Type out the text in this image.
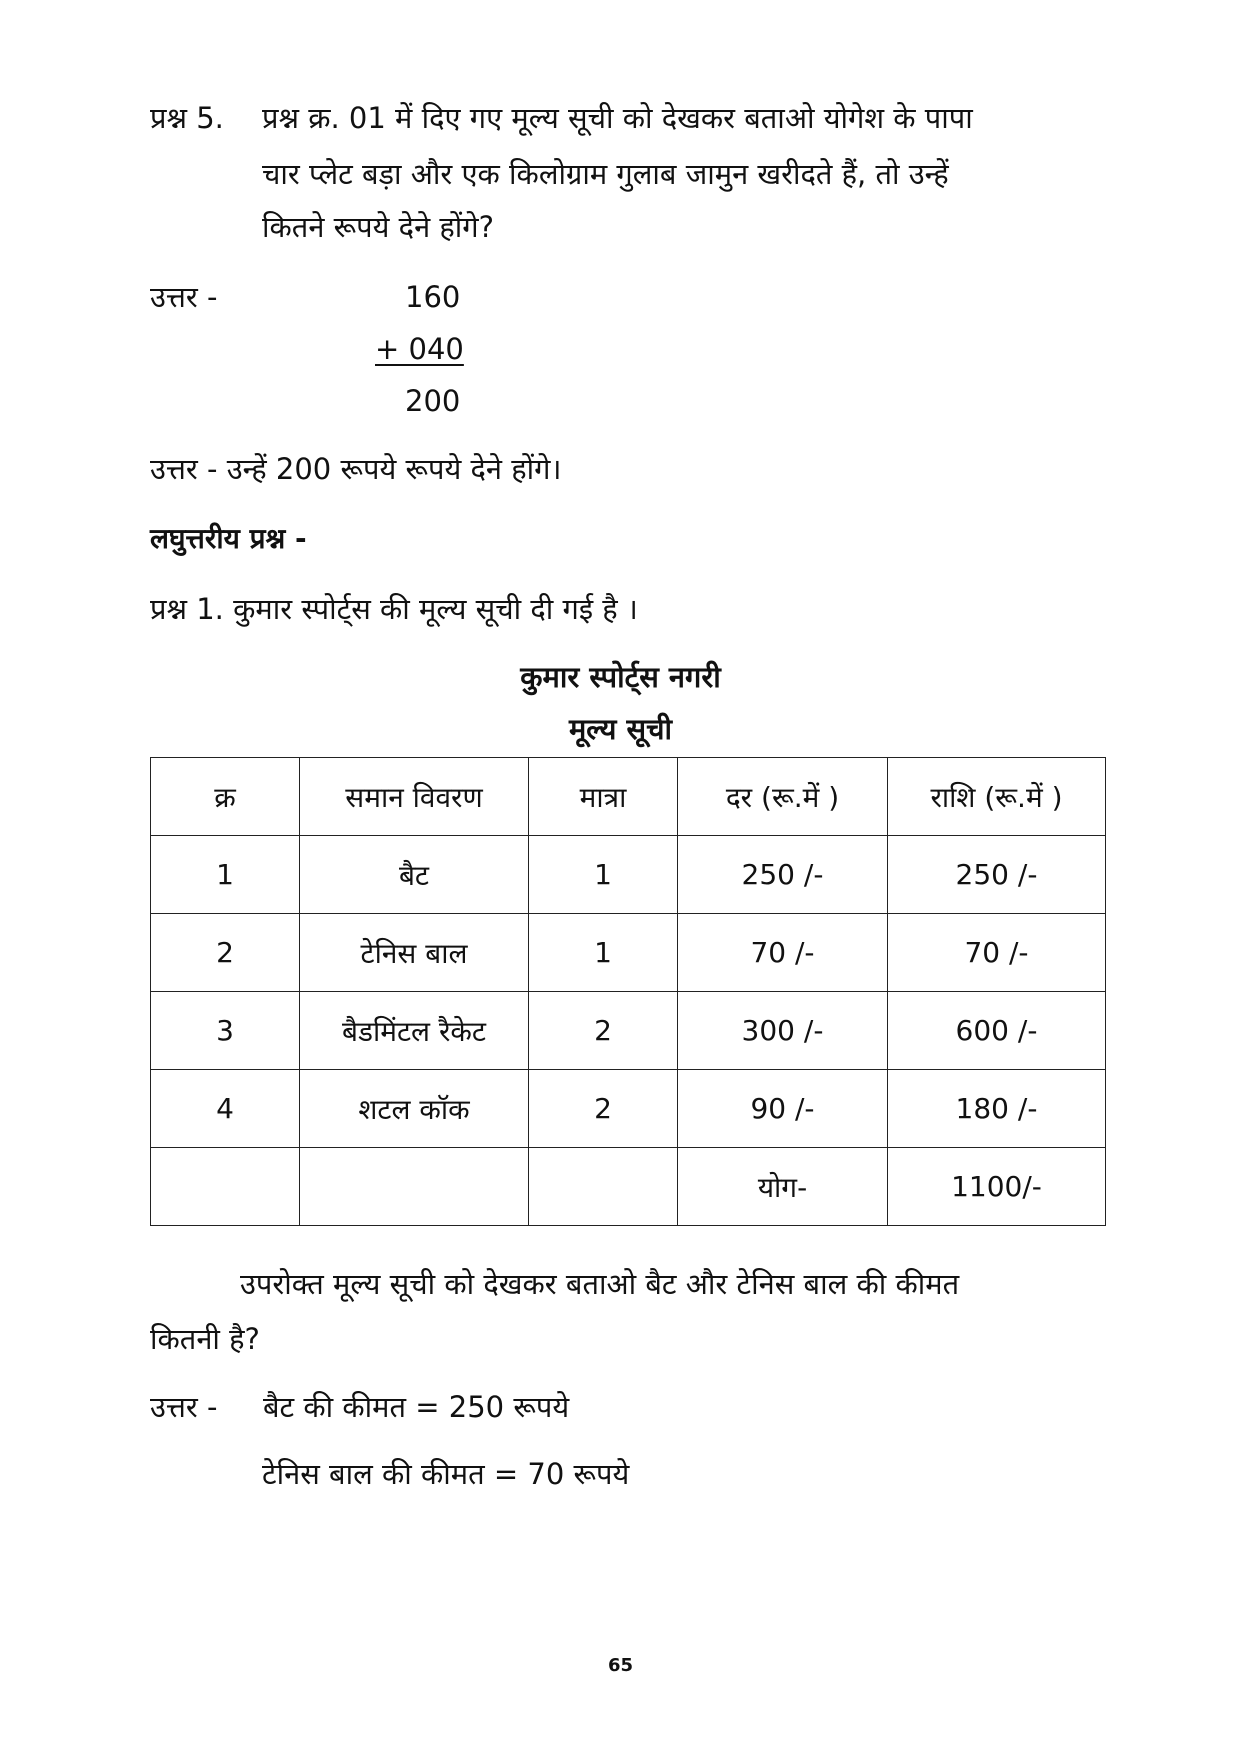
प्रश्न 5. प्रश्न क्र. 01 में दिए गए मूल्य सूची को देखकर बताओ योगेश के पापा
चार प्लेट बड़ा और एक किलोग्राम गुलाब जामुन खरीदते हैं, तो उन्हें
कितने रूपये देने होंगे?
उत्तर -	160
+ 040
200
उत्तर - उन्हें 200 रूपये रूपये देने होंगे।
लघुत्तरीय प्रश्न -
प्रश्न 1. कुमार स्पोर्ट्स की मूल्य सूची दी गई है ।
कुमार स्पोर्ट्स नगरी
मूल्य सूची
क्र	समान विवरण	मात्रा	दर (रू.में )	राशि (रू.में )
1	बैट	1	250 /-	250 /-
2	टेनिस बाल	1	70 /-	70 /-
3	बैडमिंटल रैकेट	2	300 /-	600 /-
4	शटल कॉक	2	90 /-	180 /-
			योग-	1100/-
उपरोक्त मूल्य सूची को देखकर बताओ बैट और टेनिस बाल की कीमत
कितनी है?
उत्तर - बैट की कीमत = 250 रूपये
टेनिस बाल की कीमत = 70 रूपये
65
